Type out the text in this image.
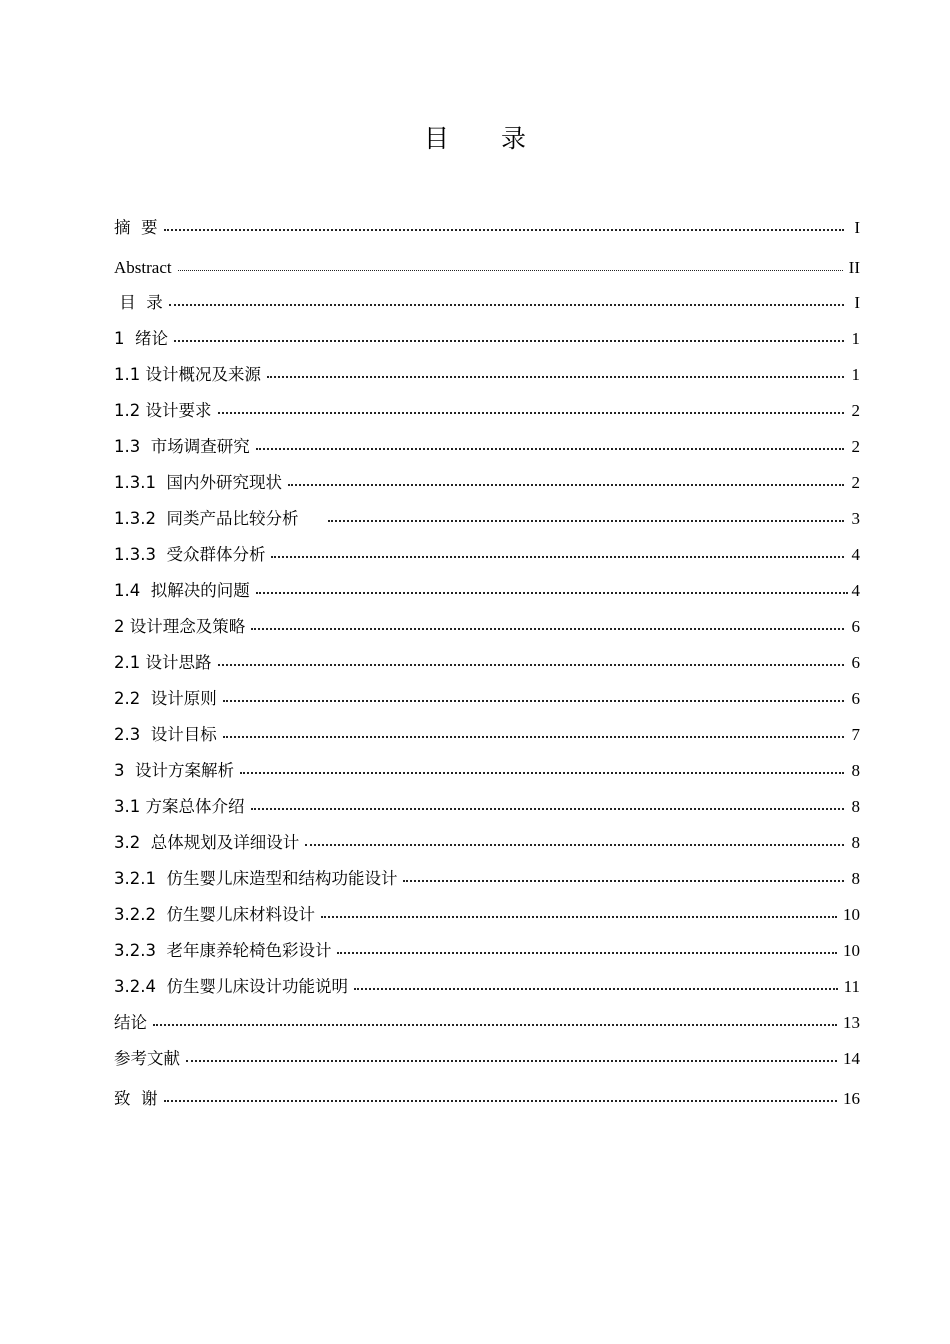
目 录
摘  要	I
Abstract	II
目  录	I
1  绪论	1
1.1 设计概况及来源	1
1.2 设计要求	2
1.3  市场调查研究	2
1.3.1  国内外研究现状	2
1.3.2  同类产品比较分析	3
1.3.3  受众群体分析	4
1.4  拟解决的问题	4
2 设计理念及策略	6
2.1 设计思路	6
2.2  设计原则	6
2.3  设计目标	7
3  设计方案解析	8
3.1 方案总体介绍	8
3.2  总体规划及详细设计	8
3.2.1  仿生婴儿床造型和结构功能设计	8
3.2.2  仿生婴儿床材料设计	10
3.2.3  老年康养轮椅色彩设计	10
3.2.4  仿生婴儿床设计功能说明	11
结论	13
参考文献	14
致  谢	16
